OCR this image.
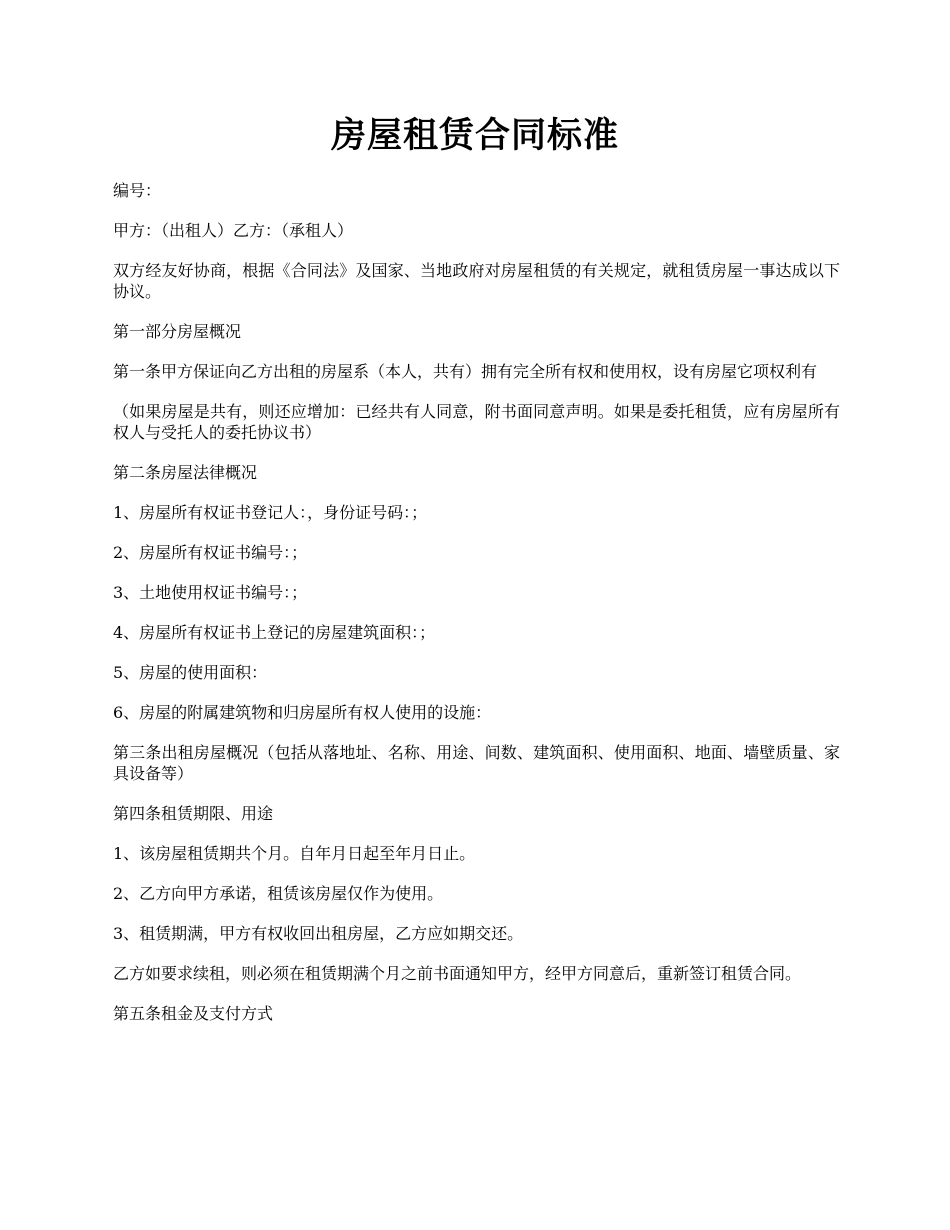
房屋租赁合同标准

编号：

甲方：（出租人）乙方：（承租人）

双方经友好协商，根据《合同法》及国家、当地政府对房屋租赁的有关规定，就租赁房屋一事达成以下协议。

第一部分房屋概况

第一条甲方保证向乙方出租的房屋系（本人，共有）拥有完全所有权和使用权，设有房屋它项权利有

（如果房屋是共有，则还应增加：已经共有人同意，附书面同意声明。如果是委托租赁，应有房屋所有权人与受托人的委托协议书）

第二条房屋法律概况

1、房屋所有权证书登记人：，身份证号码：；

2、房屋所有权证书编号：；

3、土地使用权证书编号：；

4、房屋所有权证书上登记的房屋建筑面积：；

5、房屋的使用面积：

6、房屋的附属建筑物和归房屋所有权人使用的设施：

第三条出租房屋概况（包括从落地址、名称、用途、间数、建筑面积、使用面积、地面、墙壁质量、家具设备等）

第四条租赁期限、用途

1、该房屋租赁期共个月。自年月日起至年月日止。

2、乙方向甲方承诺，租赁该房屋仅作为使用。

3、租赁期满，甲方有权收回出租房屋，乙方应如期交还。

乙方如要求续租，则必须在租赁期满个月之前书面通知甲方，经甲方同意后，重新签订租赁合同。

第五条租金及支付方式
